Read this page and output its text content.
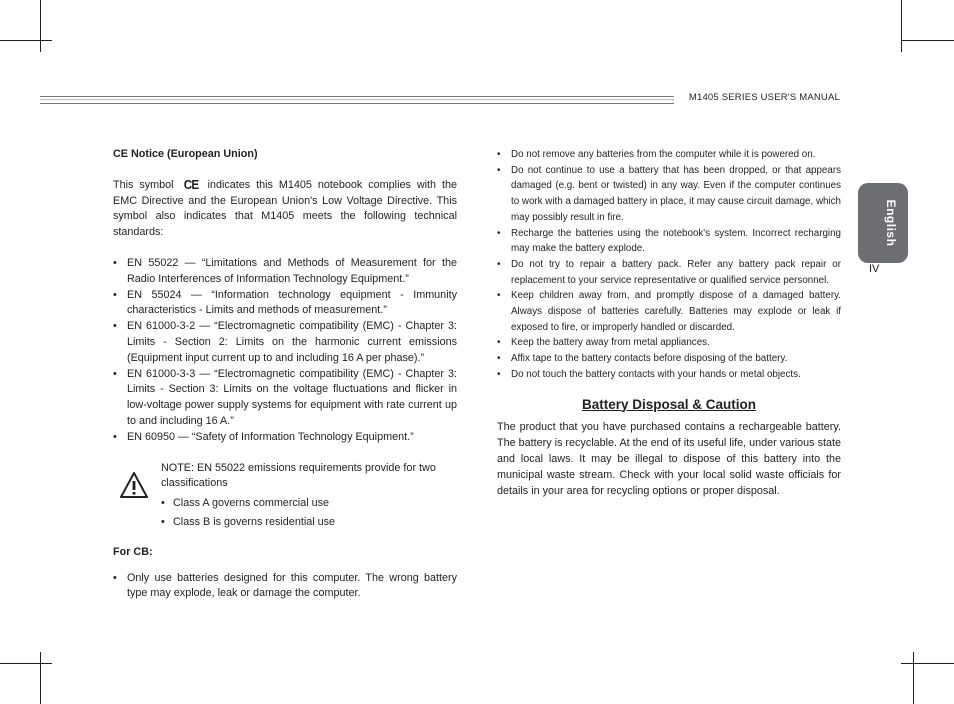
M1405 SERIES USER'S MANUAL
English
IV
CE Notice (European Union)

This symbol CE indicates this M1405 notebook complies with the EMC Directive and the European Union's Low Voltage Directive. This symbol also indicates that M1405 meets the following technical standards:

• EN 55022 — “Limitations and Methods of Measurement for the Radio Interferences of Information Technology Equipment.”
• EN 55024 — “Information technology equipment - Immunity characteristics - Limits and methods of measurement.”
• EN 61000-3-2 — “Electromagnetic compatibility (EMC) - Chapter 3: Limits - Section 2: Limits on the harmonic current emissions (Equipment input current up to and including 16 A per phase).”
• EN 61000-3-3 — “Electromagnetic compatibility (EMC) - Chapter 3: Limits - Section 3: Limits on the voltage fluctuations and flicker in low-voltage power supply systems for equipment with rate current up to and including 16 A.”
• EN 60950 — “Safety of Information Technology Equipment.”

NOTE: EN 55022 emissions requirements provide for two classifications

• Class A governs commercial use
• Class B is governs residential use
For CB:
• Only use batteries designed for this computer. The wrong battery type may explode, leak or damage the computer.
• Do not remove any batteries from the computer while it is powered on.
• Do not continue to use a battery that has been dropped, or that appears damaged (e.g. bent or twisted) in any way. Even if the computer continues to work with a damaged battery in place, it may cause circuit damage, which may possibly result in fire.
• Recharge the batteries using the notebook's system. Incorrect recharging may make the battery explode.
• Do not try to repair a battery pack. Refer any battery pack repair or replacement to your service representative or qualified service personnel.
• Keep children away from, and promptly dispose of a damaged battery. Always dispose of batteries carefully. Batteries may explode or leak if exposed to fire, or improperly handled or discarded.
• Keep the battery away from metal appliances.
• Affix tape to the battery contacts before disposing of the battery.
• Do not touch the battery contacts with your hands or metal objects.
Battery Disposal & Caution

The product that you have purchased contains a rechargeable battery. The battery is recyclable. At the end of its useful life, under various state and local laws. It may be illegal to dispose of this battery into the municipal waste stream. Check with your local solid waste officials for details in your area for recycling options or proper disposal.
